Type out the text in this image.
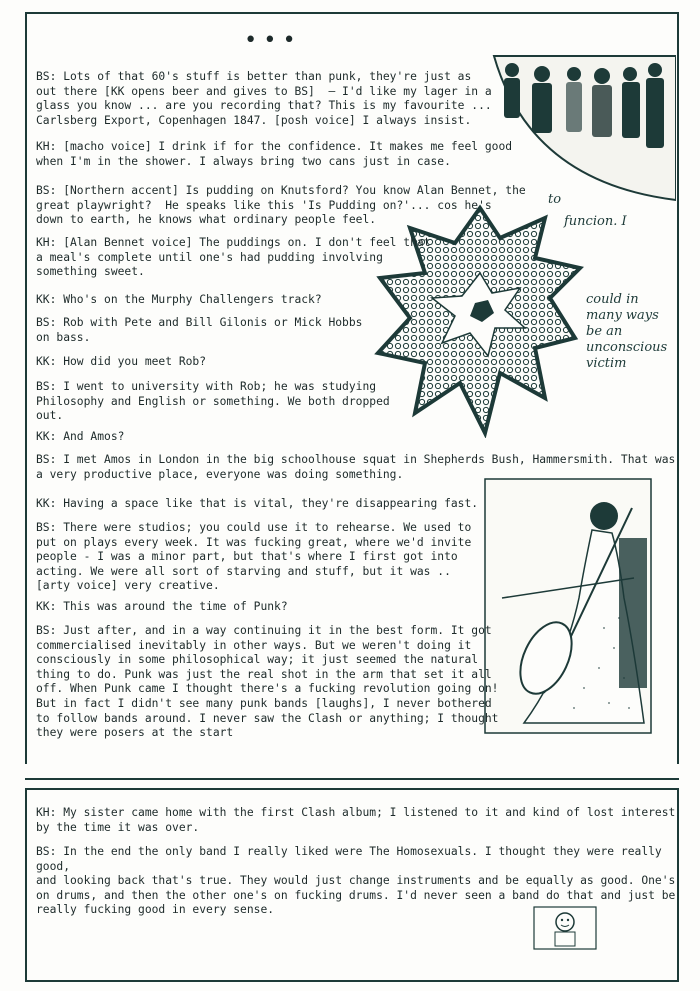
•••
to
funcion. I
could in
many ways
be an
unconscious
victim
BS: Lots of that 60's stuff is better than punk, they're just as
out there [KK opens beer and gives to BS]  — I'd like my lager in a
glass you know ... are you recording that? This is my favourite ...
Carlsberg Export, Copenhagen 1847. [posh voice] I always insist.
KH: [macho voice] I drink if for the confidence. It makes me feel good
when I'm in the shower. I always bring two cans just in case.
BS: [Northern accent] Is pudding on Knutsford? You know Alan Bennet, the
great playwright?  He speaks like this 'Is Pudding on?'... cos he's
down to earth, he knows what ordinary people feel.
KH: [Alan Bennet voice] The puddings on. I don't feel that
a meal's complete until one's had pudding involving
something sweet.
KK: Who's on the Murphy Challengers track?
BS: Rob with Pete and Bill Gilonis or Mick Hobbs
on bass.
KK: How did you meet Rob?
BS: I went to university with Rob; he was studying
Philosophy and English or something. We both dropped
out.
KK: And Amos?
BS: I met Amos in London in the big schoolhouse squat in Shepherds Bush, Hammersmith. That was
a very productive place, everyone was doing something.
KK: Having a space like that is vital, they're disappearing fast.
BS: There were studios; you could use it to rehearse. We used to
put on plays every week. It was fucking great, where we'd invite
people - I was a minor part, but that's where I first got into
acting. We were all sort of starving and stuff, but it was ..
[arty voice] very creative.
KK: This was around the time of Punk?
BS: Just after, and in a way continuing it in the best form. It got
commercialised inevitably in other ways. But we weren't doing it
consciously in some philosophical way; it just seemed the natural
thing to do. Punk was just the real shot in the arm that set it all
off. When Punk came I thought there's a fucking revolution going on!
But in fact I didn't see many punk bands [laughs], I never bothered
to follow bands around. I never saw the Clash or anything; I thought
they were posers at the start
KH: My sister came home with the first Clash album; I listened to it and kind of lost interest
by the time it was over.
BS: In the end the only band I really liked were The Homosexuals. I thought they were really good,
and looking back that's true. They would just change instruments and be equally as good. One's
on drums, and then the other one's on fucking drums. I'd never seen a band do that and just be
really fucking good in every sense.
